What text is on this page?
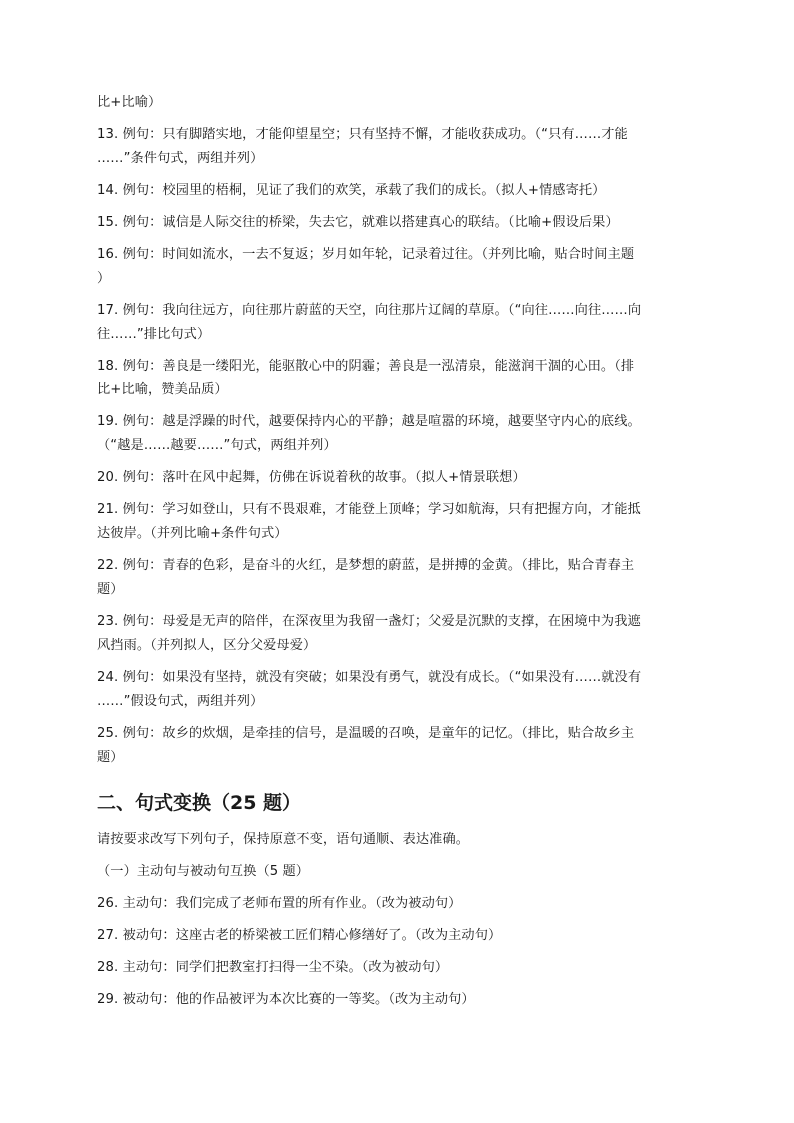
比+比喻）
13. 例句：只有脚踏实地，才能仰望星空；只有坚持不懈，才能收获成功。（“只有……才能
……”条件句式，两组并列）
14. 例句：校园里的梧桐，见证了我们的欢笑，承载了我们的成长。（拟人+情感寄托）
15. 例句：诚信是人际交往的桥梁，失去它，就难以搭建真心的联结。（比喻+假设后果）
16. 例句：时间如流水，一去不复返；岁月如年轮，记录着过往。（并列比喻，贴合时间主题
）
17. 例句：我向往远方，向往那片蔚蓝的天空，向往那片辽阔的草原。（“向往……向往……向
往……”排比句式）
18. 例句：善良是一缕阳光，能驱散心中的阴霾；善良是一泓清泉，能滋润干涸的心田。（排
比+比喻，赞美品质）
19. 例句：越是浮躁的时代，越要保持内心的平静；越是喧嚣的环境，越要坚守内心的底线。
（“越是……越要……”句式，两组并列）
20. 例句：落叶在风中起舞，仿佛在诉说着秋的故事。（拟人+情景联想）
21. 例句：学习如登山，只有不畏艰难，才能登上顶峰；学习如航海，只有把握方向，才能抵
达彼岸。（并列比喻+条件句式）
22. 例句：青春的色彩，是奋斗的火红，是梦想的蔚蓝，是拼搏的金黄。（排比，贴合青春主
题）
23. 例句：母爱是无声的陪伴，在深夜里为我留一盏灯；父爱是沉默的支撑，在困境中为我遮
风挡雨。（并列拟人，区分父爱母爱）
24. 例句：如果没有坚持，就没有突破；如果没有勇气，就没有成长。（“如果没有……就没有
……”假设句式，两组并列）
25. 例句：故乡的炊烟，是牵挂的信号，是温暖的召唤，是童年的记忆。（排比，贴合故乡主
题）
二、句式变换（25 题）
请按要求改写下列句子，保持原意不变，语句通顺、表达准确。
（一）主动句与被动句互换（5 题）
26. 主动句：我们完成了老师布置的所有作业。（改为被动句）
27. 被动句：这座古老的桥梁被工匠们精心修缮好了。（改为主动句）
28. 主动句：同学们把教室打扫得一尘不染。（改为被动句）
29. 被动句：他的作品被评为本次比赛的一等奖。（改为主动句）
